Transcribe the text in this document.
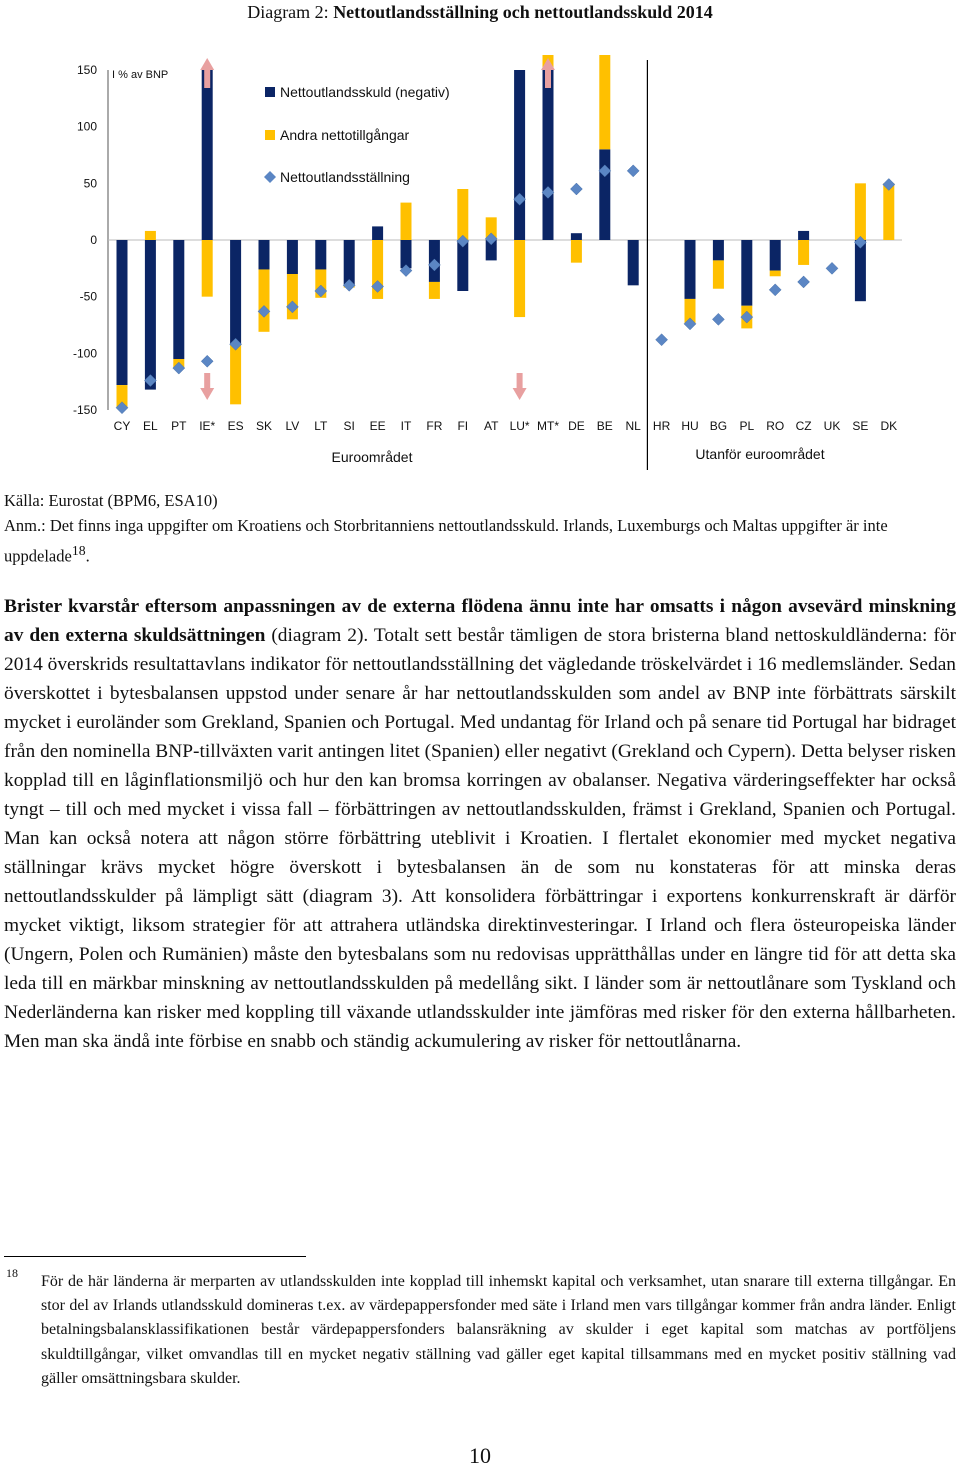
Diagram 2: Nettoutlandsställning och nettoutlandsskuld 2014
150
100
50
0
-50
-100
-150
I % av BNP
CY EL PT IE* ES SK LV LT SI EE IT FR FI AT LU* MT* DE BE NL HR HU BG PL RO CZ UK SE DK
Euroområdet	Utanför euroområdet
Nettoutlandsskuld (negativ)
Andra nettotillgångar
Nettoutlandsställning
Källa: Eurostat (BPM6, ESA10)
Anm.: Det finns inga uppgifter om Kroatiens och Storbritanniens nettoutlandsskuld. Irlands, Luxemburgs och Maltas uppgifter är inte uppdelade$^{18}$.
Brister kvarstår eftersom anpassningen av de externa flödena ännu inte har omsatts i någon avsevärd minskning av den externa skuldsättningen (diagram 2). Totalt sett består tämligen de stora bristerna bland nettoskuldländerna: för 2014 överskrids resultattavlans indikator för nettoutlandsställning det vägledande tröskelvärdet i 16 medlemsländer. Sedan överskottet i bytesbalansen uppstod under senare år har nettoutlandsskulden som andel av BNP inte förbättrats särskilt mycket i euroländer som Grekland, Spanien och Portugal. Med undantag för Irland och på senare tid Portugal har bidraget från den nominella BNP-tillväxten varit antingen litet (Spanien) eller negativt (Grekland och Cypern). Detta belyser risken kopplad till en låginflationsmiljö och hur den kan bromsa korringen av obalanser. Negativa värderingseffekter har också tyngt – till och med mycket i vissa fall – förbättringen av nettoutlandsskulden, främst i Grekland, Spanien och Portugal. Man kan också notera att någon större förbättring uteblivit i Kroatien. I flertalet ekonomier med mycket negativa ställningar krävs mycket högre överskott i bytesbalansen än de som nu konstateras för att minska deras nettoutlandsskulder på lämpligt sätt (diagram 3). Att konsolidera förbättringar i exportens konkurrenskraft är därför mycket viktigt, liksom strategier för att attrahera utländska direktinvesteringar. I Irland och flera östeuropeiska länder (Ungern, Polen och Rumänien) måste den bytesbalans som nu redovisas upprätthållas under en längre tid för att detta ska leda till en märkbar minskning av nettoutlandsskulden på medellång sikt. I länder som är nettoutlånare som Tyskland och Nederländerna kan risker med koppling till växande utlandsskulder inte jämföras med risker för den externa hållbarheten. Men man ska ändå inte förbise en snabb och ständig ackumulering av risker för nettoutlånarna.
18 För de här länderna är merparten av utlandsskulden inte kopplad till inhemskt kapital och verksamhet, utan snarare till externa tillgångar. En stor del av Irlands utlandsskuld domineras t.ex. av värdepappersfonder med säte i Irland men vars tillgångar kommer från andra länder. Enligt betalningsbalansklassifikationen består värdepappersfonders balansräkning av skulder i eget kapital som matchas av portföljens skuldtillgångar, vilket omvandlas till en mycket negativ ställning vad gäller eget kapital tillsammans med en mycket positiv ställning vad gäller omsättningsbara skulder.
10
